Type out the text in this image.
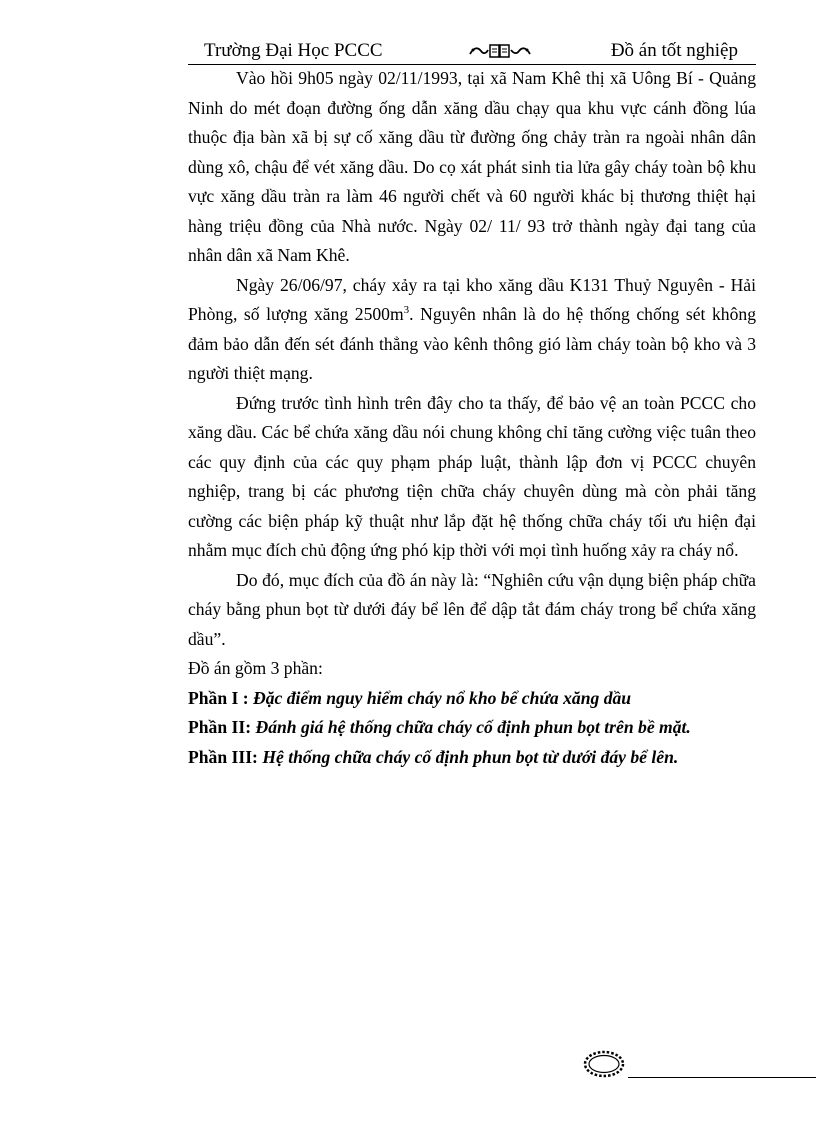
Trường Đại Học PCCC	Đồ án tốt nghiệp

Vào hồi 9h05 ngày 02/11/1993, tại xã Nam Khê thị xã Uông Bí - Quảng Ninh do mét đoạn đường ống dẫn xăng dầu chạy qua khu vực cánh đồng lúa thuộc địa bàn xã bị sự cố xăng dầu từ đường ống chảy tràn ra ngoài nhân dân dùng xô, chậu để vét xăng dầu. Do cọ xát phát sinh tia lửa gây cháy toàn bộ khu vực xăng dầu tràn ra làm 46 người chết và 60 người khác bị thương thiệt hại hàng triệu đồng của Nhà nước. Ngày 02/ 11/ 93 trở thành ngày đại tang của nhân dân xã Nam Khê.

Ngày 26/06/97, cháy xảy ra tại kho xăng dầu K131 Thuỷ Nguyên - Hải Phòng, số lượng xăng $2500m^3$. Nguyên nhân là do hệ thống chống sét không đảm bảo dẫn đến sét đánh thẳng vào kênh thông gió làm cháy toàn bộ kho và 3 người thiệt mạng.

Đứng trước tình hình trên đây cho ta thấy, để bảo vệ an toàn PCCC cho xăng dầu. Các bể chứa xăng dầu nói chung không chỉ tăng cường việc tuân theo các quy định của các quy phạm pháp luật, thành lập đơn vị PCCC chuyên nghiệp, trang bị các phương tiện chữa cháy chuyên dùng mà còn phải tăng cường các biện pháp kỹ thuật như lắp đặt hệ thống chữa cháy tối ưu hiện đại nhằm mục đích chủ động ứng phó kịp thời với mọi tình huống xảy ra cháy nổ.

Do đó, mục đích của đồ án này là: “Nghiên cứu vận dụng biện pháp chữa cháy bằng phun bọt từ dưới đáy bể lên để dập tắt đám cháy trong bể chứa xăng dầu”.

Đồ án gồm 3 phần:

Phần I : Đặc điểm nguy hiểm cháy nổ kho bể chứa xăng dầu

Phần II: Đánh giá hệ thống chữa cháy cố định phun bọt trên bề mặt.

Phần III: Hệ thống chữa cháy cố định phun bọt từ dưới đáy bể lên.
